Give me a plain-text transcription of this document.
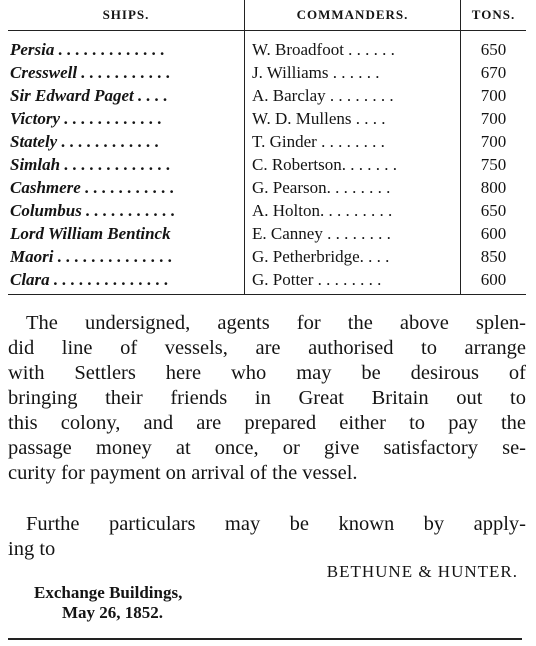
SHIPS.	COMMANDERS.	TONS.
Persia . . . . . . . . . . . . .	W. Broadfoot . . . . . .	650
Cresswell . . . . . . . . . . .	J. Williams . . . . . .	670
Sir Edward Paget . . . .	A. Barclay . . . . . . . .	700
Victory . . . . . . . . . . . .	W. D. Mullens . . . .	700
Stately . . . . . . . . . . . .	T. Ginder . . . . . . . .	700
Simlah . . . . . . . . . . . . .	C. Robertson. . . . . . .	750
Cashmere . . . . . . . . . . .	G. Pearson. . . . . . . .	800
Columbus . . . . . . . . . . .	A. Holton. . . . . . . . .	650
Lord William Bentinck	E. Canney . . . . . . . .	600
Maori . . . . . . . . . . . . . .	G. Petherbridge. . . .	850
Clara . . . . . . . . . . . . . .	G. Potter . . . . . . . .	600
The undersigned, agents for the above splen-
did line of vessels, are authorised to arrange
with Settlers here who may be desirous of
bringing their friends in Great Britain out to
this colony, and are prepared either to pay the
passage money at once, or give satisfactory se-
curity for payment on arrival of the vessel.
Furthe particulars may be known by apply-
ing to
BETHUNE & HUNTER.
Exchange Buildings,
May 26, 1852.
